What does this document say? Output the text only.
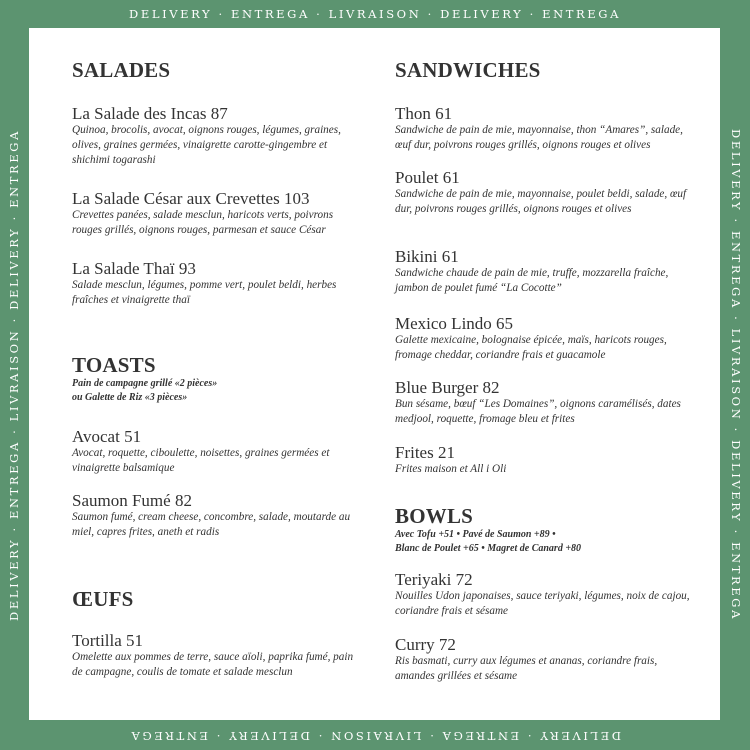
DELIVERY · ENTREGA · LIVRAISON · DELIVERY · ENTREGA
DELIVERY · ENTREGA · LIVRAISON · DELIVERY · ENTREGA
DELIVERY · ENTREGA · LIVRAISON · DELIVERY · ENTREGA	DELIVERY · ENTREGA · LIVRAISON · DELIVERY · ENTREGA
SALADES
La Salade des Incas 87
Quinoa, brocolis, avocat, oignons rouges, légumes, graines, olives, graines germées, vinaigrette carotte-gingembre et shichimi togarashi
La Salade César aux Crevettes 103
Crevettes panées, salade mesclun, haricots verts, poivrons rouges grillés, oignons rouges, parmesan et sauce César
La Salade Thaï 93
Salade mesclun, légumes, pomme vert, poulet beldi, herbes fraîches et vinaigrette thaï
TOASTS
Pain de campagne grillé «2 pièces»
ou Galette de Riz «3 pièces»
Avocat 51
Avocat, roquette, ciboulette, noisettes, graines germées et vinaigrette balsamique
Saumon Fumé 82
Saumon fumé, cream cheese, concombre, salade, moutarde au miel, capres frites, aneth et radis
ŒUFS
Tortilla 51
Omelette aux pommes de terre, sauce aïoli, paprika fumé, pain de campagne, coulis de tomate et salade mesclun
SANDWICHES
Thon 61
Sandwiche de pain de mie, mayonnaise, thon “Amares”, salade, œuf dur, poivrons rouges grillés, oignons rouges et olives
Poulet 61
Sandwiche de pain de mie, mayonnaise, poulet beldi, salade, œuf dur, poivrons rouges grillés, oignons rouges et olives
Bikini 61
Sandwiche chaude de pain de mie, truffe, mozzarella fraîche, jambon de poulet fumé “La Cocotte”
Mexico Lindo 65
Galette mexicaine, bolognaise épicée, maïs, haricots rouges, fromage cheddar, coriandre frais et guacamole
Blue Burger 82
Bun sésame, bœuf “Les Domaines”, oignons caramélisés, dates medjool, roquette, fromage bleu et frites
Frites 21
Frites maison et All i Oli
BOWLS
Avec Tofu +51 • Pavé de Saumon +89 •
Blanc de Poulet +65 • Magret de Canard +80
Teriyaki 72
Nouilles Udon japonaises, sauce teriyaki, légumes, noix de cajou, coriandre frais et sésame
Curry 72
Ris basmati, curry aux légumes et ananas, coriandre frais, amandes grillées et sésame
